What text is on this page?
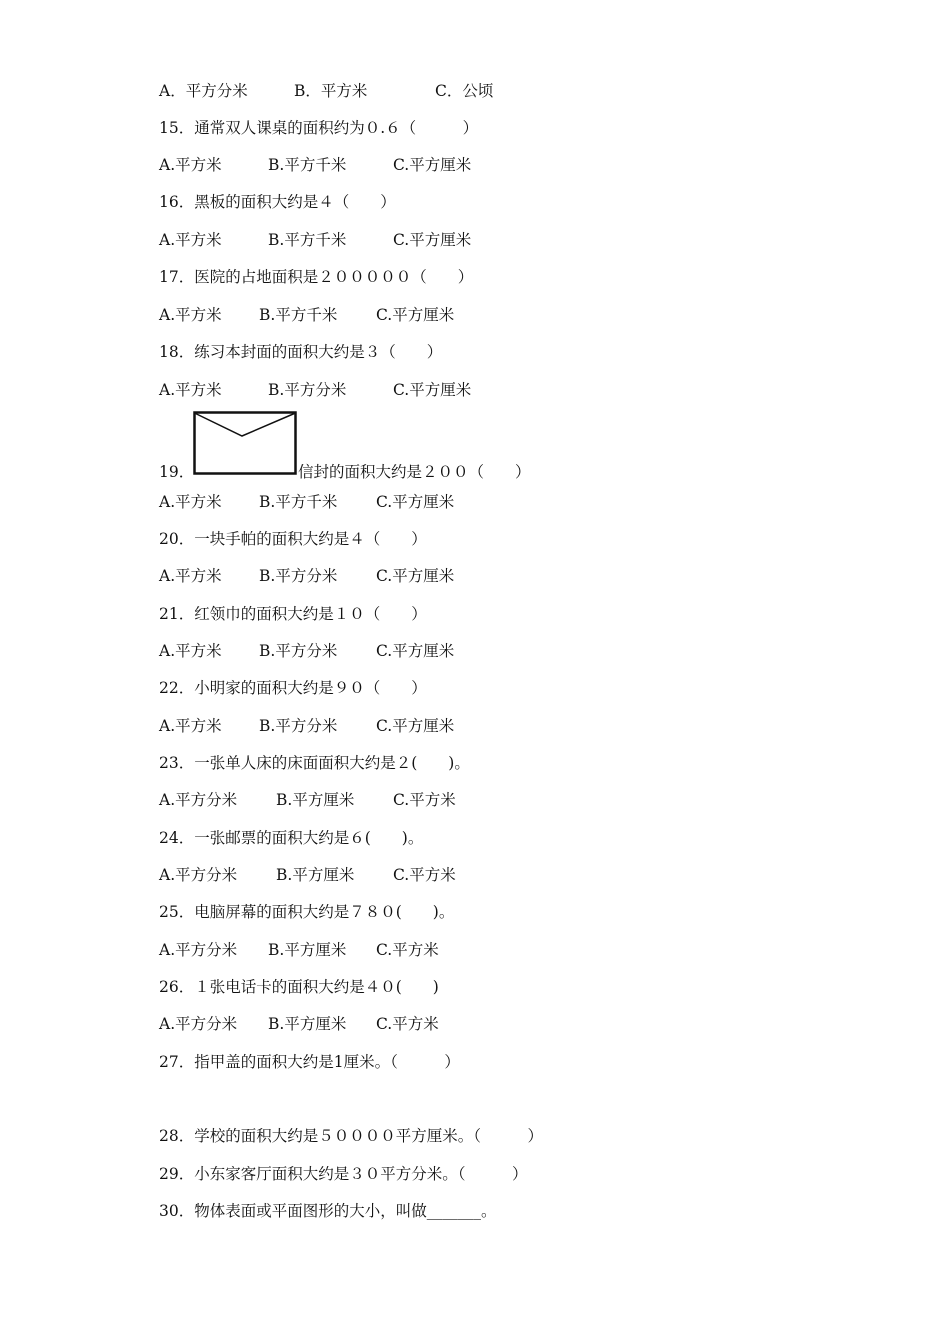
A．平方分米	B．平方米	C．公顷
15．通常双人课桌的面积约为０.６（　　　）
A.平方米	B.平方千米	C.平方厘米
16．黑板的面积大约是４（　　）
A.平方米	B.平方千米	C.平方厘米
17．医院的占地面积是２０００００（　　）
A.平方米 B.平方千米 C.平方厘米
18．练习本封面的面积大约是３（　　）
A.平方米	B.平方分米	C.平方厘米
19．	信封的面积大约是２００（　　）
A.平方米 B.平方千米 C.平方厘米
20．一块手帕的面积大约是４（　　）
A.平方米 B.平方分米 C.平方厘米
21．红领巾的面积大约是１０（　　）
A.平方米 B.平方分米 C.平方厘米
22．小明家的面积大约是９０（　　）
A.平方米 B.平方分米 C.平方厘米
23．一张单人床的床面面积大约是２(　　)。
A.平方分米	B.平方厘米 C.平方米
24．一张邮票的面积大约是６(　　)。
A.平方分米	B.平方厘米 C.平方米
25．电脑屏幕的面积大约是７８０(　　)。
A.平方分米 B.平方厘米 C.平方米
26．１张电话卡的面积大约是４０(　　)
A.平方分米 B.平方厘米 C.平方米
27．指甲盖的面积大约是1厘米。（　　　）
28．学校的面积大约是５００００平方厘米。（　　　）
29．小东家客厅面积大约是３０平方分米。（　　　）
30．物体表面或平面图形的大小，叫做_______。
